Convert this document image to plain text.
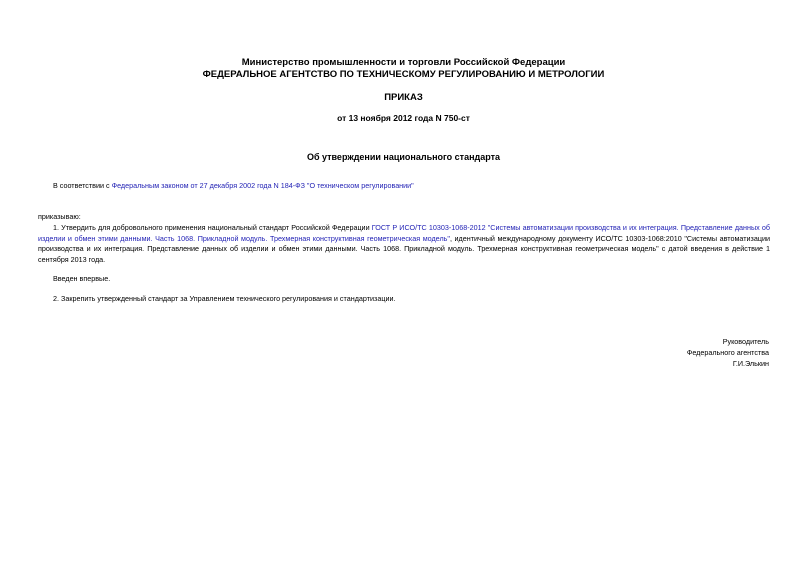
Министерство промышленности и торговли Российской Федерации
ФЕДЕРАЛЬНОЕ АГЕНТСТВО ПО ТЕХНИЧЕСКОМУ РЕГУЛИРОВАНИЮ И МЕТРОЛОГИИ
ПРИКАЗ
от 13 ноября 2012 года N 750-ст
Об утверждении национального стандарта
В соответствии с Федеральным законом от 27 декабря 2002 года N 184-ФЗ "О техническом регулировании"
приказываю:
1. Утвердить для добровольного применения национальный стандарт Российской Федерации ГОСТ Р ИСО/ТС 10303-1068-2012 "Системы автоматизации производства и их интеграция. Представление данных об изделии и обмен этими данными. Часть 1068. Прикладной модуль. Трехмерная конструктивная геометрическая модель", идентичный международному документу ИСО/ТС 10303-1068:2010 "Системы автоматизации производства и их интеграция. Представление данных об изделии и обмен этими данными. Часть 1068. Прикладной модуль. Трехмерная конструктивная геометрическая модель" с датой введения в действие 1 сентября 2013 года.
Введен впервые.
2. Закрепить утвержденный стандарт за Управлением технического регулирования и стандартизации.
Руководитель
Федерального агентства
Г.И.Элькин
